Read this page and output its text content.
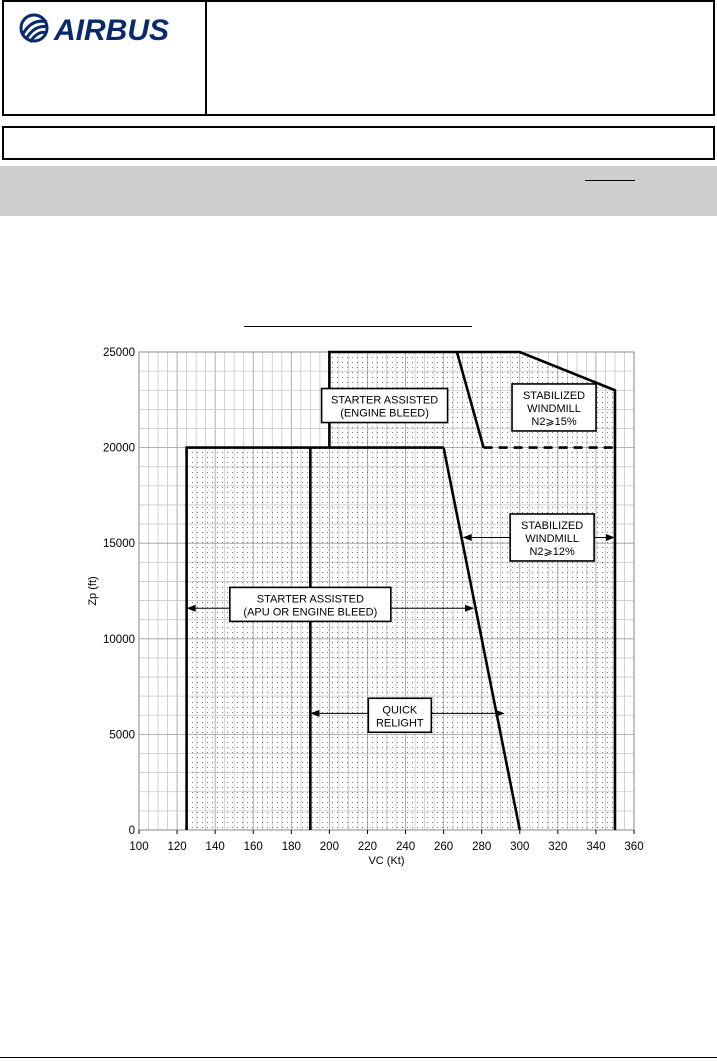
AIRBUS
100 120 140 160 180 200 220 240 260 280 300 320 340 360
0
5000
10000
15000
20000
25000
STARTER ASSISTED
(APU OR ENGINE BLEED)
QUICK
RELIGHT
STARTER ASSISTED
(ENGINE BLEED)
STABILIZED
WINDMILL
N2⩾15%
STABILIZED
WINDMILL
N2⩾12%
VC (Kt)
Zp (ft)
